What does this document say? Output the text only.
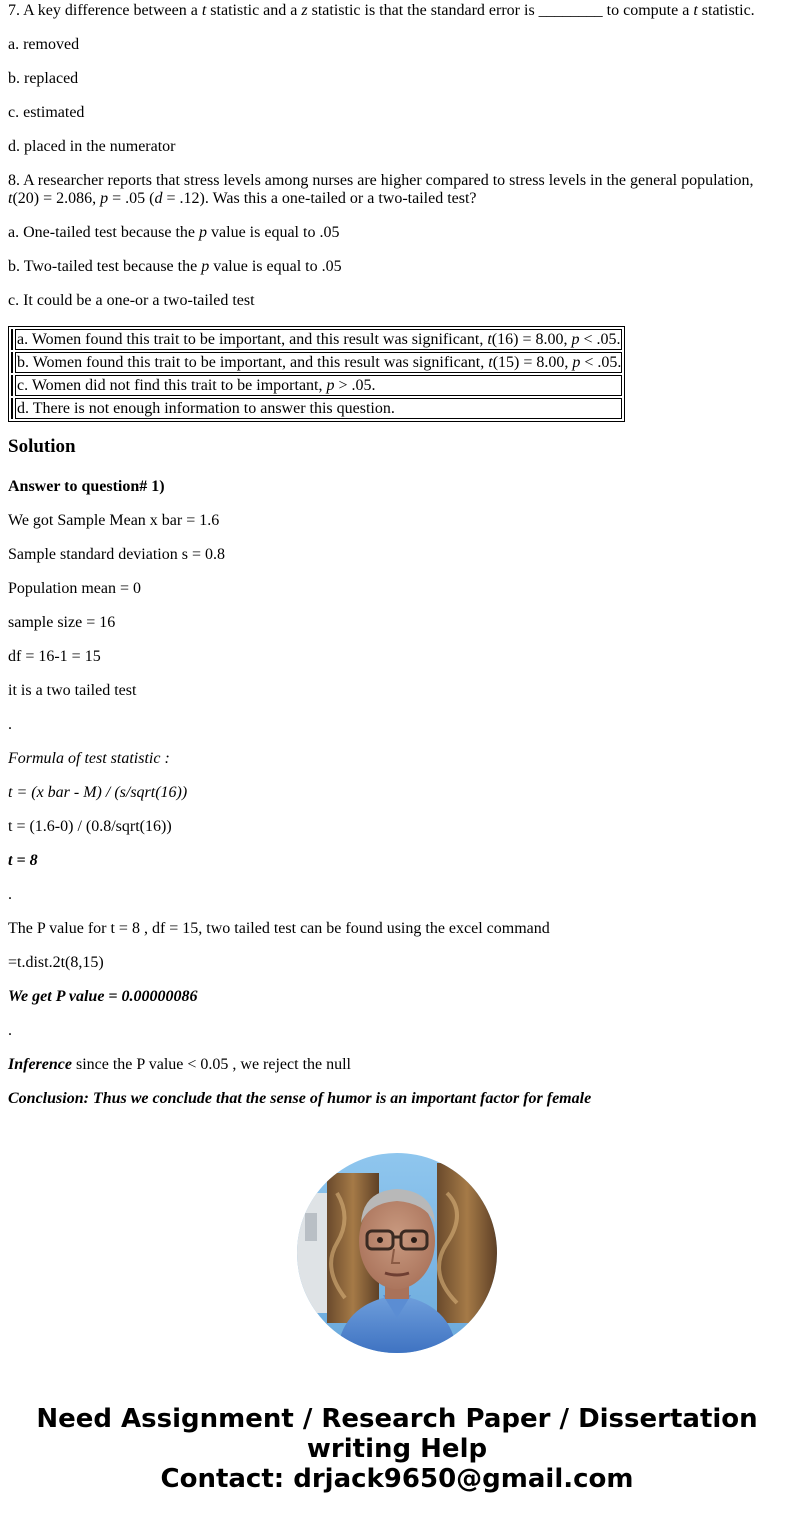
7. A key difference between a t statistic and a z statistic is that the standard error is ________ to compute a t statistic.

a. removed

b. replaced

c. estimated

d. placed in the numerator

8. A researcher reports that stress levels among nurses are higher compared to stress levels in the general population,
t(20) = 2.086, p = .05 (d = .12). Was this a one-tailed or a two-tailed test?

a. One-tailed test because the p value is equal to .05

b. Two-tailed test because the p value is equal to .05

c. It could be a one-or a two-tailed test

	a. Women found this trait to be important, and this result was significant, t(16) = 8.00, p < .05.
	b. Women found this trait to be important, and this result was significant, t(15) = 8.00, p < .05.
	c. Women did not find this trait to be important, p > .05.
	d. There is not enough information to answer this question.
Solution

Answer to question# 1)

We got Sample Mean x bar = 1.6

Sample standard deviation s = 0.8

Population mean = 0

sample size = 16

df = 16-1 = 15

it is a two tailed test

.

Formula of test statistic :

t = (x bar - M) / (s/sqrt(16))

t = (1.6-0) / (0.8/sqrt(16))

t = 8

.

The P value for t = 8 , df = 15, two tailed test can be found using the excel command

=t.dist.2t(8,15)

We get P value = 0.00000086

.

Inference since the P value < 0.05 , we reject the null

Conclusion: Thus we conclude that the sense of humor is an important factor for female

Need Assignment / Research Paper / Dissertation
writing Help
Contact: drjack9650@gmail.com
